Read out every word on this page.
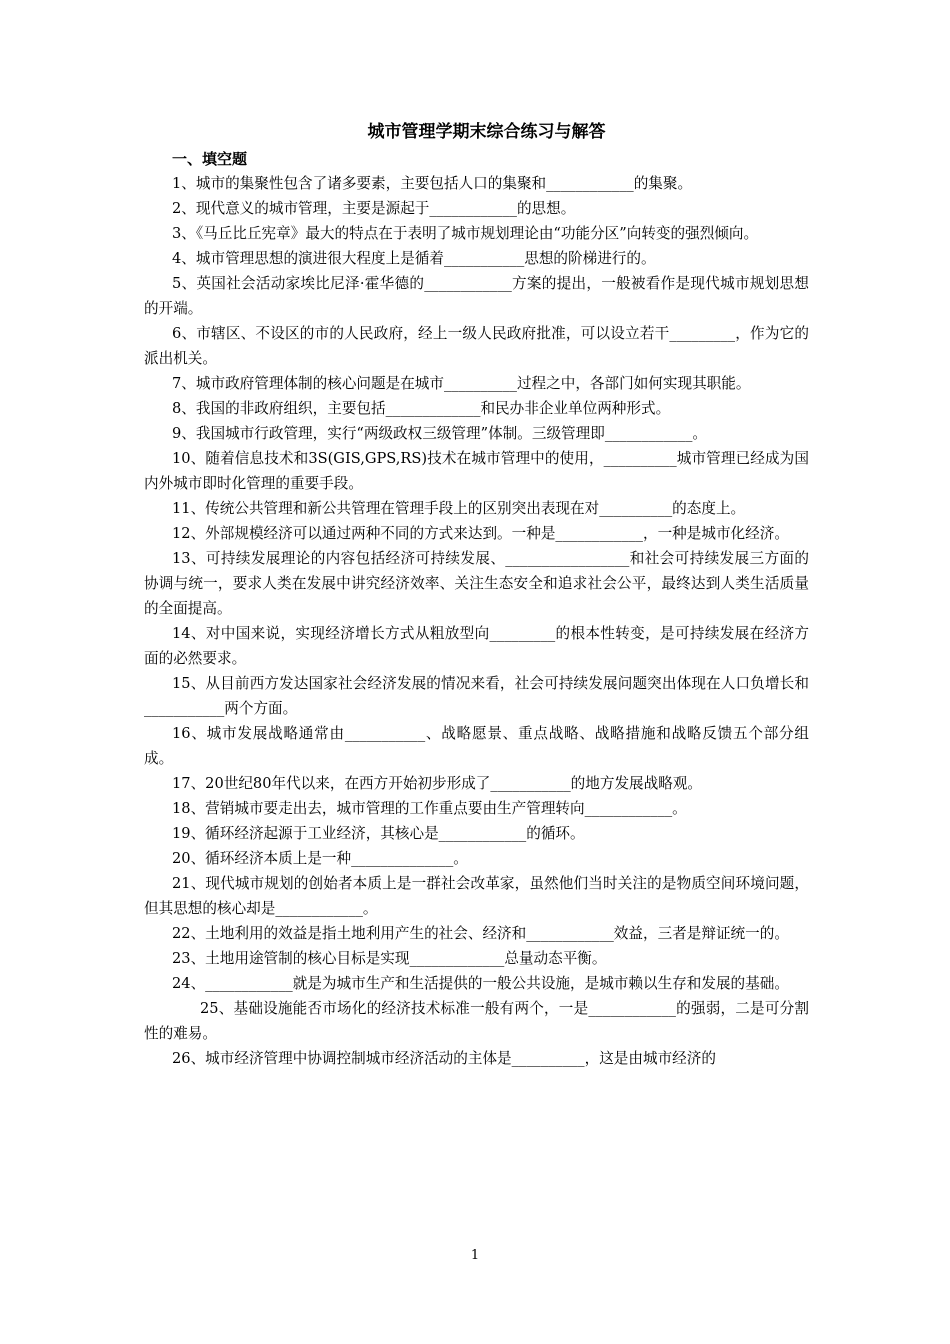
城市管理学期末综合练习与解答

一、填空题

1、城市的集聚性包含了诸多要素，主要包括人口的集聚和____________的集聚。

2、现代意义的城市管理，主要是源起于____________的思想。

3、《马丘比丘宪章》最大的特点在于表明了城市规划理论由“功能分区”向转变的强烈倾向。

4、城市管理思想的演进很大程度上是循着___________思想的阶梯进行的。

5、英国社会活动家埃比尼泽·霍华德的____________方案的提出，一般被看作是现代城市规划思想的开端。

6、市辖区、不设区的市的人民政府，经上一级人民政府批准，可以设立若干_________，作为它的派出机关。

7、城市政府管理体制的核心问题是在城市__________过程之中，各部门如何实现其职能。

8、我国的非政府组织，主要包括_____________和民办非企业单位两种形式。

9、我国城市行政管理，实行“两级政权三级管理”体制。三级管理即____________。

10、随着信息技术和3S(GIS,GPS,RS)技术在城市管理中的使用，__________城市管理已经成为国内外城市即时化管理的重要手段。

11、传统公共管理和新公共管理在管理手段上的区别突出表现在对__________的态度上。

12、外部规模经济可以通过两种不同的方式来达到。一种是____________，一种是城市化经济。

13、可持续发展理论的内容包括经济可持续发展、_________________和社会可持续发展三方面的协调与统一，要求人类在发展中讲究经济效率、关注生态安全和追求社会公平，最终达到人类生活质量的全面提高。

14、对中国来说，实现经济增长方式从粗放型向_________的根本性转变，是可持续发展在经济方面的必然要求。

15、从目前西方发达国家社会经济发展的情况来看，社会可持续发展问题突出体现在人口负增长和___________两个方面。

16、城市发展战略通常由___________、战略愿景、重点战略、战略措施和战略反馈五个部分组成。

17、20世纪80年代以来，在西方开始初步形成了___________的地方发展战略观。

18、营销城市要走出去，城市管理的工作重点要由生产管理转向____________。

19、循环经济起源于工业经济，其核心是____________的循环。

20、循环经济本质上是一种______________。

21、现代城市规划的创始者本质上是一群社会改革家，虽然他们当时关注的是物质空间环境问题，但其思想的核心却是____________。

22、土地利用的效益是指土地利用产生的社会、经济和____________效益，三者是辩证统一的。

23、土地用途管制的核心目标是实现_____________总量动态平衡。

24、____________就是为城市生产和生活提供的一般公共设施，是城市赖以生存和发展的基础。

25、基础设施能否市场化的经济技术标准一般有两个，一是____________的强弱，二是可分割性的难易。

26、城市经济管理中协调控制城市经济活动的主体是__________，这是由城市经济的

1
